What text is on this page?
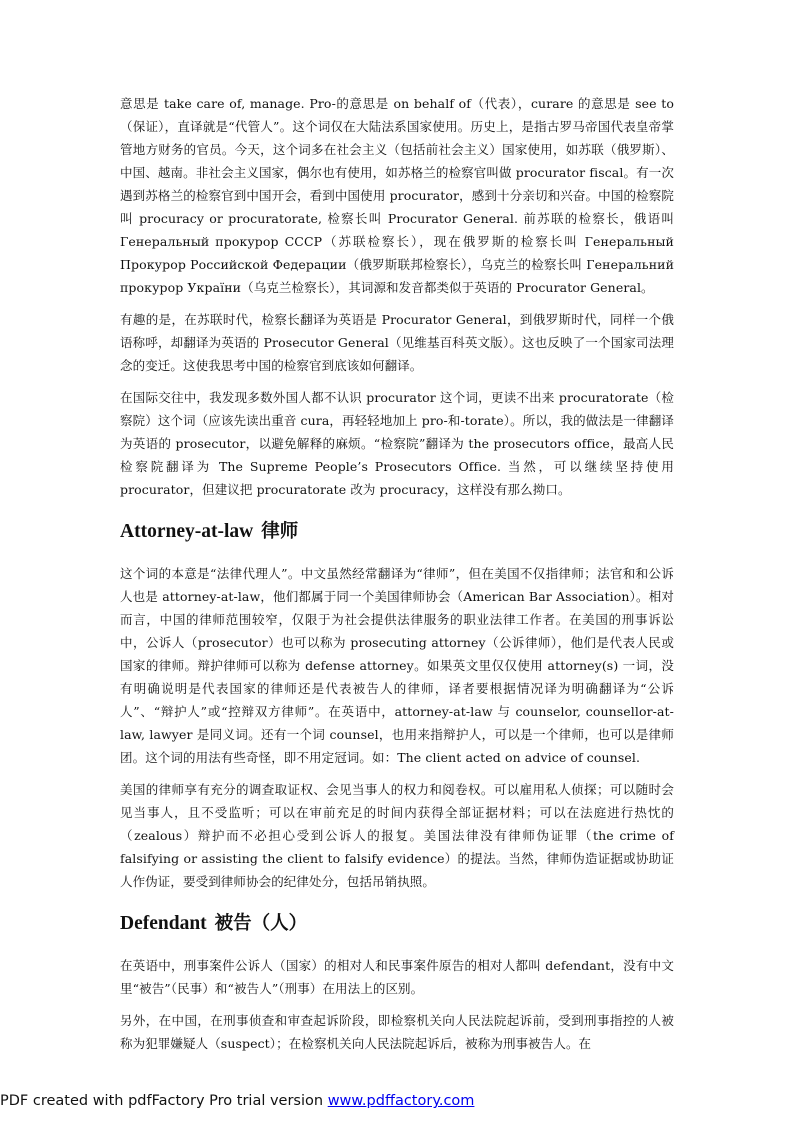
意思是 take care of, manage. Pro-的意思是 on behalf of（代表），curare 的意思是 see to（保证），直译就是“代管人”。这个词仅在大陆法系国家使用。历史上，是指古罗马帝国代表皇帝掌管地方财务的官员。今天，这个词多在社会主义（包括前社会主义）国家使用，如苏联（俄罗斯）、中国、越南。非社会主义国家，偶尔也有使用，如苏格兰的检察官叫做 procurator fiscal。有一次遇到苏格兰的检察官到中国开会，看到中国使用 procurator，感到十分亲切和兴奋。中国的检察院叫 procuracy or procuratorate, 检察长叫 Procurator General. 前苏联的检察长，俄语叫 Генеральный прокурор СССР（苏联检察长），现在俄罗斯的检察长叫 Генеральный Прокурор Российской Федерации（俄罗斯联邦检察长），乌克兰的检察长叫 Генеральний прокурор України（乌克兰检察长），其词源和发音都类似于英语的 Procurator General。

有趣的是，在苏联时代，检察长翻译为英语是 Procurator General，到俄罗斯时代，同样一个俄语称呼，却翻译为英语的 Prosecutor General（见维基百科英文版）。这也反映了一个国家司法理念的变迁。这使我思考中国的检察官到底该如何翻译。

在国际交往中，我发现多数外国人都不认识 procurator 这个词，更读不出来 procuratorate（检察院）这个词（应该先读出重音 cura，再轻轻地加上 pro-和-torate）。所以，我的做法是一律翻译为英语的 prosecutor，以避免解释的麻烦。“检察院”翻译为 the prosecutors office，最高人民检察院翻译为 The Supreme People’s Prosecutors Office. 当然，可以继续坚持使用 procurator，但建议把 procuratorate 改为 procuracy，这样没有那么拗口。

Attorney-at-law 律师

这个词的本意是“法律代理人”。中文虽然经常翻译为“律师”，但在美国不仅指律师；法官和和公诉人也是 attorney-at-law，他们都属于同一个美国律师协会（American Bar Association）。相对而言，中国的律师范围较窄，仅限于为社会提供法律服务的职业法律工作者。在美国的刑事诉讼中，公诉人（prosecutor）也可以称为 prosecuting attorney（公诉律师），他们是代表人民或国家的律师。辩护律师可以称为 defense attorney。如果英文里仅仅使用 attorney(s) 一词，没有明确说明是代表国家的律师还是代表被告人的律师，译者要根据情况译为明确翻译为“公诉人”、“辩护人”或“控辩双方律师”。在英语中，attorney-at-law 与 counselor, counsellor-at-law, lawyer 是同义词。还有一个词 counsel，也用来指辩护人，可以是一个律师，也可以是律师团。这个词的用法有些奇怪，即不用定冠词。如：The client acted on advice of counsel.

美国的律师享有充分的调查取证权、会见当事人的权力和阅卷权。可以雇用私人侦探；可以随时会见当事人，且不受监听；可以在审前充足的时间内获得全部证据材料；可以在法庭进行热忱的（zealous）辩护而不必担心受到公诉人的报复。美国法律没有律师伪证罪（the crime of falsifying or assisting the client to falsify evidence）的提法。当然，律师伪造证据或协助证人作伪证，要受到律师协会的纪律处分，包括吊销执照。

Defendant 被告（人）

在英语中，刑事案件公诉人（国家）的相对人和民事案件原告的相对人都叫 defendant，没有中文里“被告”（民事）和“被告人”（刑事）在用法上的区别。

另外，在中国，在刑事侦查和审查起诉阶段，即检察机关向人民法院起诉前，受到刑事指控的人被称为犯罪嫌疑人（suspect）；在检察机关向人民法院起诉后，被称为刑事被告人。在

PDF created with pdfFactory Pro trial version www.pdffactory.com
